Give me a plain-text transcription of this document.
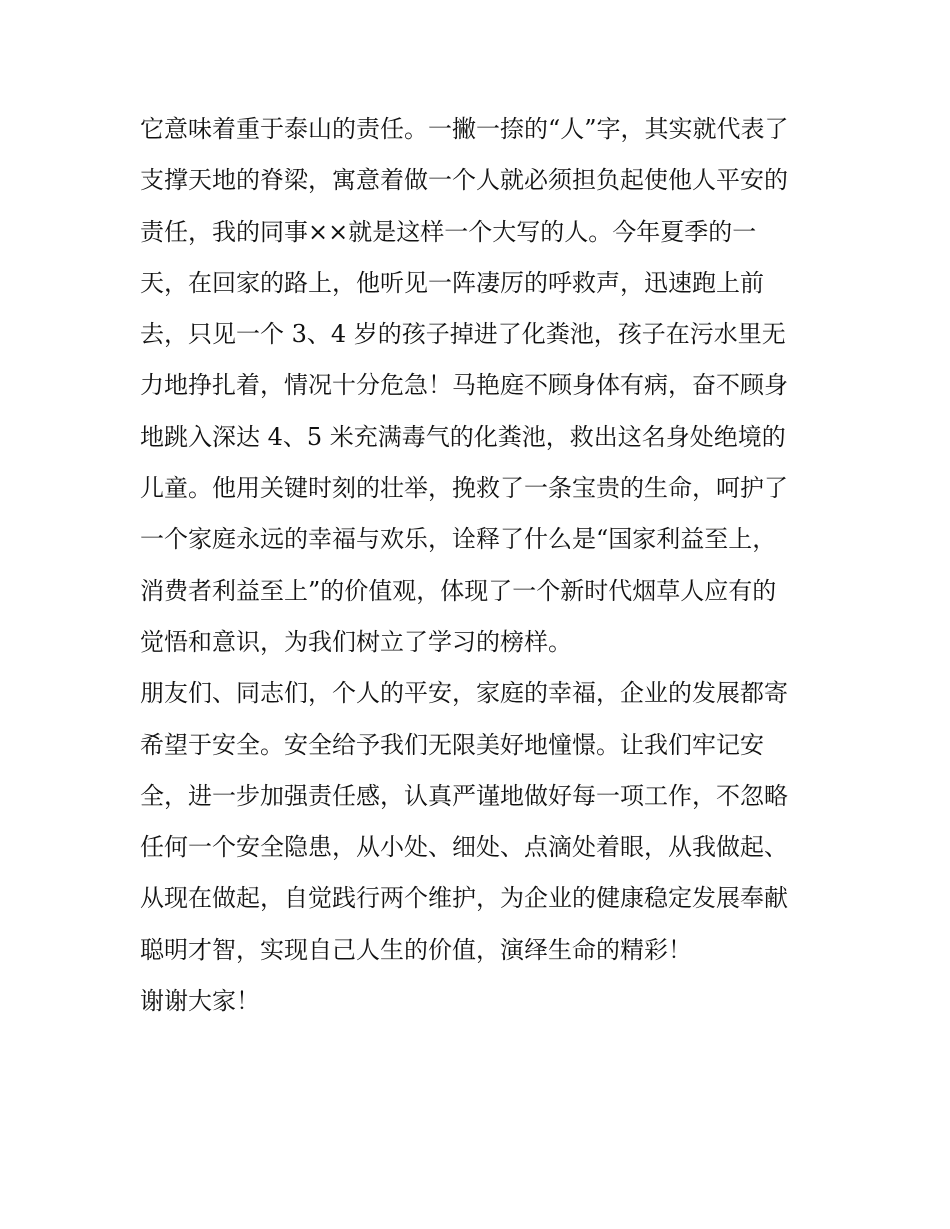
它意味着重于泰山的责任。一撇一捺的“人”字，其实就代表了
支撑天地的脊梁，寓意着做一个人就必须担负起使他人平安的
责任，我的同事××就是这样一个大写的人。今年夏季的一
天，在回家的路上，他听见一阵凄厉的呼救声，迅速跑上前
去，只见一个 3、4 岁的孩子掉进了化粪池，孩子在污水里无
力地挣扎着，情况十分危急！马艳庭不顾身体有病，奋不顾身
地跳入深达 4、5 米充满毒气的化粪池，救出这名身处绝境的
儿童。他用关键时刻的壮举，挽救了一条宝贵的生命，呵护了
一个家庭永远的幸福与欢乐，诠释了什么是“国家利益至上，
消费者利益至上”的价值观，体现了一个新时代烟草人应有的
觉悟和意识，为我们树立了学习的榜样。
朋友们、同志们，个人的平安，家庭的幸福，企业的发展都寄
希望于安全。安全给予我们无限美好地憧憬。让我们牢记安
全，进一步加强责任感，认真严谨地做好每一项工作，不忽略
任何一个安全隐患，从小处、细处、点滴处着眼，从我做起、
从现在做起，自觉践行两个维护，为企业的健康稳定发展奉献
聪明才智，实现自己人生的价值，演绎生命的精彩！
谢谢大家！
